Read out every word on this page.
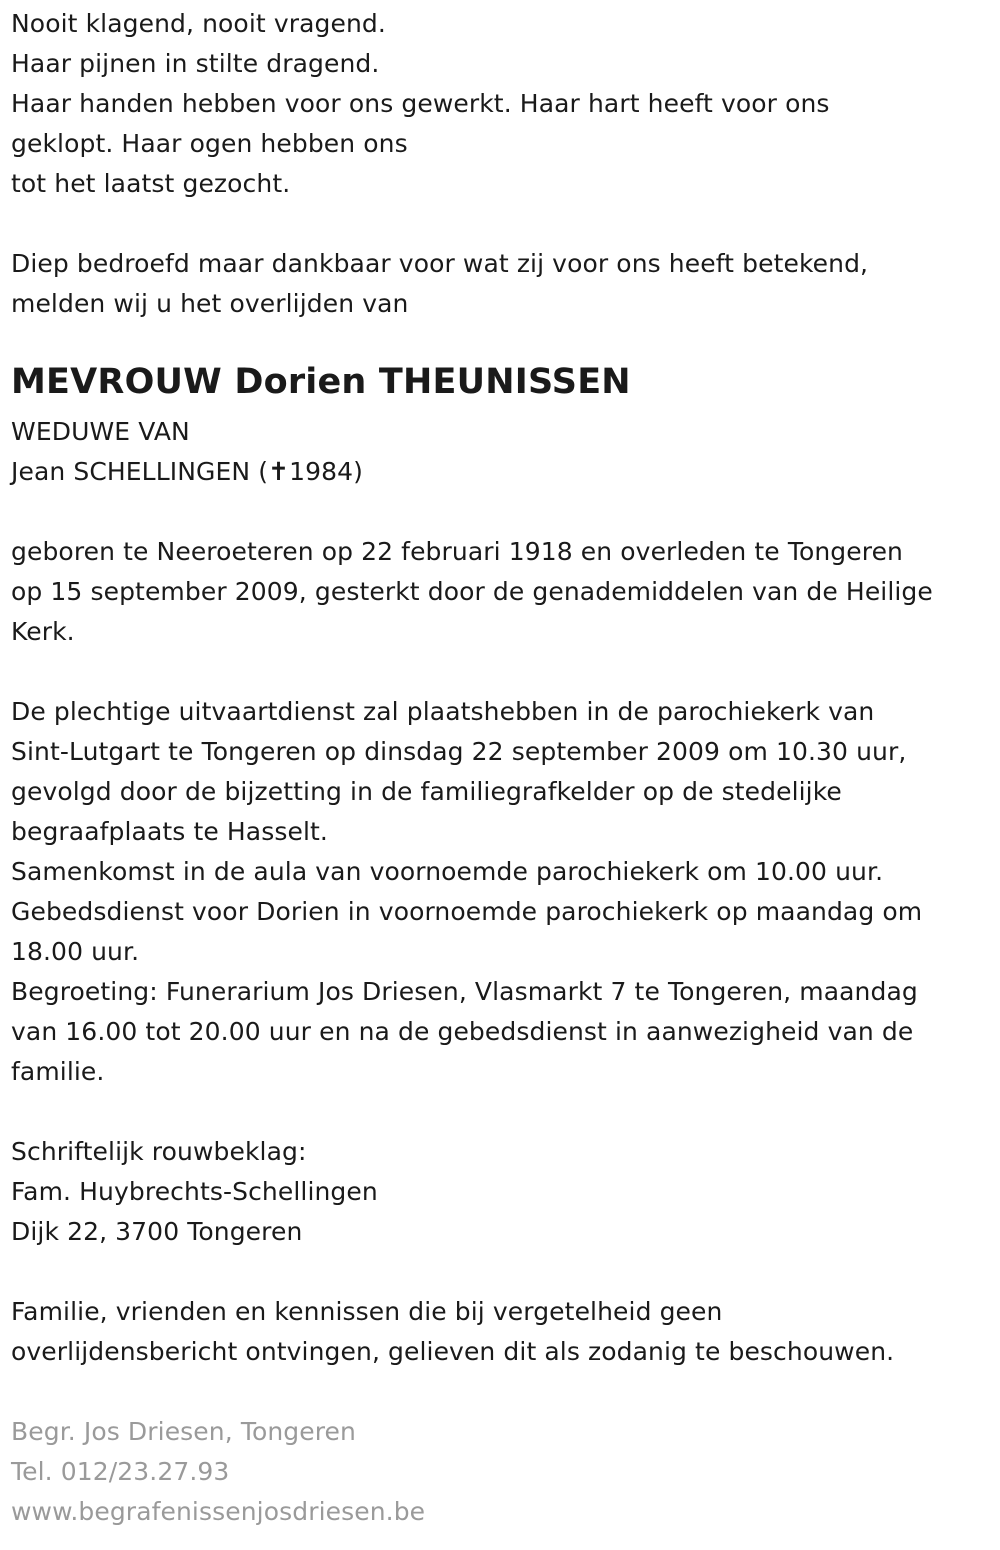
Nooit klagend, nooit vragend.
Haar pijnen in stilte dragend.
Haar handen hebben voor ons gewerkt. Haar hart heeft voor ons
geklopt. Haar ogen hebben ons
tot het laatst gezocht.
Diep bedroefd maar dankbaar voor wat zij voor ons heeft betekend,
melden wij u het overlijden van
MEVROUW Dorien THEUNISSEN
WEDUWE VAN
Jean SCHELLINGEN (✝1984)
geboren te Neeroeteren op 22 februari 1918 en overleden te Tongeren
op 15 september 2009, gesterkt door de genademiddelen van de Heilige
Kerk.
De plechtige uitvaartdienst zal plaatshebben in de parochiekerk van
Sint-Lutgart te Tongeren op dinsdag 22 september 2009 om 10.30 uur,
gevolgd door de bijzetting in de familiegrafkelder op de stedelijke
begraafplaats te Hasselt.
Samenkomst in de aula van voornoemde parochiekerk om 10.00 uur.
Gebedsdienst voor Dorien in voornoemde parochiekerk op maandag om
18.00 uur.
Begroeting: Funerarium Jos Driesen, Vlasmarkt 7 te Tongeren, maandag
van 16.00 tot 20.00 uur en na de gebedsdienst in aanwezigheid van de
familie.
Schriftelijk rouwbeklag:
Fam. Huybrechts-Schellingen
Dijk 22, 3700 Tongeren
Familie, vrienden en kennissen die bij vergetelheid geen
overlijdensbericht ontvingen, gelieven dit als zodanig te beschouwen.
Begr. Jos Driesen, Tongeren
Tel. 012/23.27.93
www.begrafenissenjosdriesen.be
